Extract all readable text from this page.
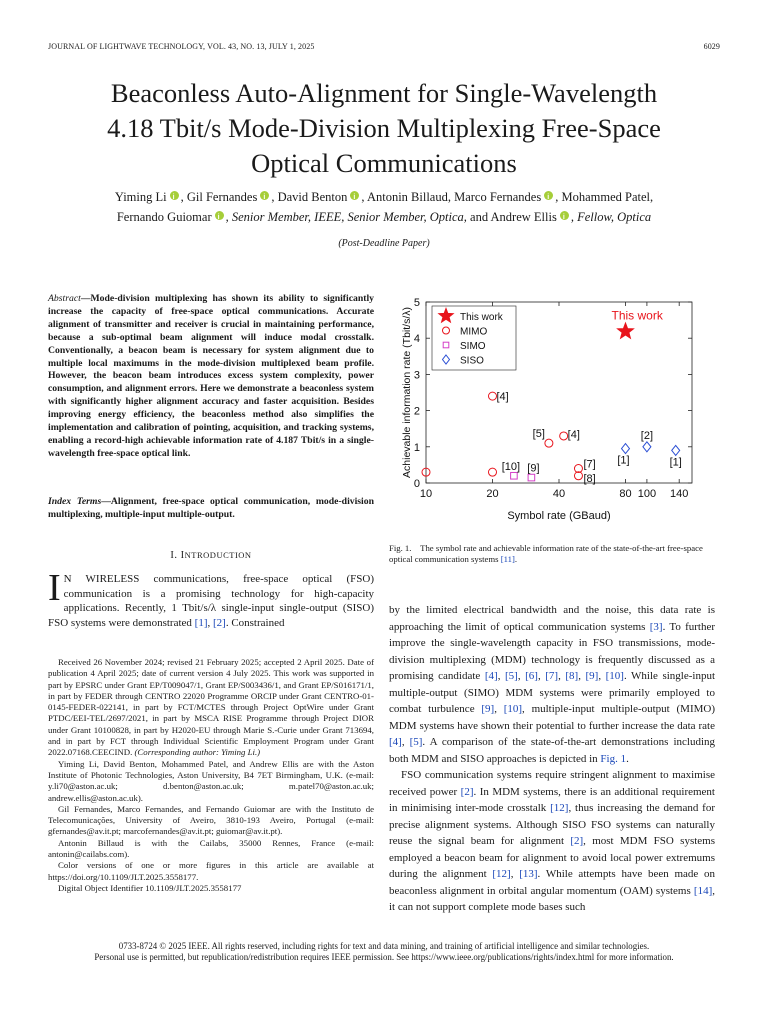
JOURNAL OF LIGHTWAVE TECHNOLOGY, VOL. 43, NO. 13, JULY 1, 2025	6029
Beaconless Auto-Alignment for Single-Wavelength
4.18 Tbit/s Mode-Division Multiplexing Free-Space
Optical Communications
Yiming Li i , Gil Fernandes i , David Benton i , Antonin Billaud, Marco Fernandes i , Mohammed Patel,
Fernando Guiomar i , Senior Member, IEEE, Senior Member, Optica, and Andrew Ellis i , Fellow, Optica
(Post-Deadline Paper)
Abstract—Mode-division multiplexing has shown its ability to significantly increase the capacity of free-space optical communications. Accurate alignment of transmitter and receiver is crucial in maintaining performance, because a sub-optimal beam alignment will induce modal crosstalk. Conventionally, a beacon beam is necessary for system alignment due to multiple local maximums in the mode-division multiplexed beam profile. However, the beacon beam introduces excess system complexity, power consumption, and alignment errors. Here we demonstrate a beaconless system with significantly higher alignment accuracy and faster acquisition. Besides improving energy efficiency, the beaconless method also simplifies the implementation and calibration of pointing, acquisition, and tracking systems, enabling a record-high achievable information rate of 4.187 Tbit/s in a single-wavelength free-space optical link.
Index Terms—Alignment, free-space optical communication, mode-division multiplexing, multiple-input multiple-output.
I. INTRODUCTION
I N WIRELESS communications, free-space optical (FSO) communication is a promising technology for high-capacity applications. Recently, 1 Tbit/s/λ single-input single-output (SISO) FSO systems were demonstrated [1], [2]. Constrained

Received 26 November 2024; revised 21 February 2025; accepted 2 April 2025. Date of publication 4 April 2025; date of current version 4 July 2025. This work was supported in part by EPSRC under Grant EP/T009047/1, Grant EP/S003436/1, and Grant EP/S016171/1, in part by FEDER through CENTRO 22020 Programme ORCIP under Grant CENTRO-01-0145-FEDER-022141, in part by FCT/MCTES through Project OptWire under Grant PTDC/EEI-TEL/2697/2021, in part by MSCA RISE Programme through Project DIOR under Grant 10100828, in part by H2020-EU through Marie S.-Curie under Grant 713694, and in part by FCT through Individual Scientific Employment Program under Grant 2022.07168.CEECIND. (Corresponding author: Yiming Li.)

Yiming Li, David Benton, Mohammed Patel, and Andrew Ellis are with the Aston Institute of Photonic Technologies, Aston University, B4 7ET Birmingham, U.K. (e-mail: y.li70@aston.ac.uk; d.benton@aston.ac.uk; m.patel70@aston.ac.uk; andrew.ellis@aston.ac.uk).

Gil Fernandes, Marco Fernandes, and Fernando Guiomar are with the Instituto de Telecomunicações, University of Aveiro, 3810-193 Aveiro, Portugal (e-mail: gfernandes@av.it.pt; marcofernandes@av.it.pt; guiomar@av.it.pt).

Antonin Billaud is with the Cailabs, 35000 Rennes, France (e-mail: antonin@cailabs.com).

Color versions of one or more figures in this article are available at https://doi.org/10.1109/JLT.2025.3558177.

Digital Object Identifier 10.1109/JLT.2025.3558177

0
1
2
3
4
5
10	20	40	80 100 140
[4]
[5] [4]
[7]
[8]
[10] [9]
[1]
[2]
[1]
This work
MIMO
SIMO
SISO
Symbol rate (GBaud)
Achievable information rate (Tbit/s/λ)	This work
Fig. 1. The symbol rate and achievable information rate of the state-of-the-art free-space optical communication systems [11].

by the limited electrical bandwidth and the noise, this data rate is approaching the limit of optical communication systems [3]. To further improve the single-wavelength capacity in FSO transmissions, mode-division multiplexing (MDM) technology is frequently discussed as a promising candidate [4], [5], [6], [7], [8], [9], [10]. While single-input multiple-output (SIMO) MDM systems were primarily employed to combat turbulence [9], [10], multiple-input multiple-output (MIMO) MDM systems have shown their potential to further increase the data rate [4], [5]. A comparison of the state-of-the-art demonstrations including both MDM and SISO approaches is depicted in Fig. 1.

FSO communication systems require stringent alignment to maximise received power [2]. In MDM systems, there is an additional requirement in minimising inter-mode crosstalk [12], thus increasing the demand for precise alignment systems. Although SISO FSO systems can naturally reuse the signal beam for alignment [2], most MDM FSO systems employed a beacon beam for alignment to avoid local power extremums during the alignment [12], [13]. While attempts have been made on beaconless alignment in orbital angular momentum (OAM) systems [14], it can not support complete mode bases such

0733-8724 © 2025 IEEE. All rights reserved, including rights for text and data mining, and training of artificial intelligence and similar technologies.
Personal use is permitted, but republication/redistribution requires IEEE permission. See https://www.ieee.org/publications/rights/index.html for more information.
